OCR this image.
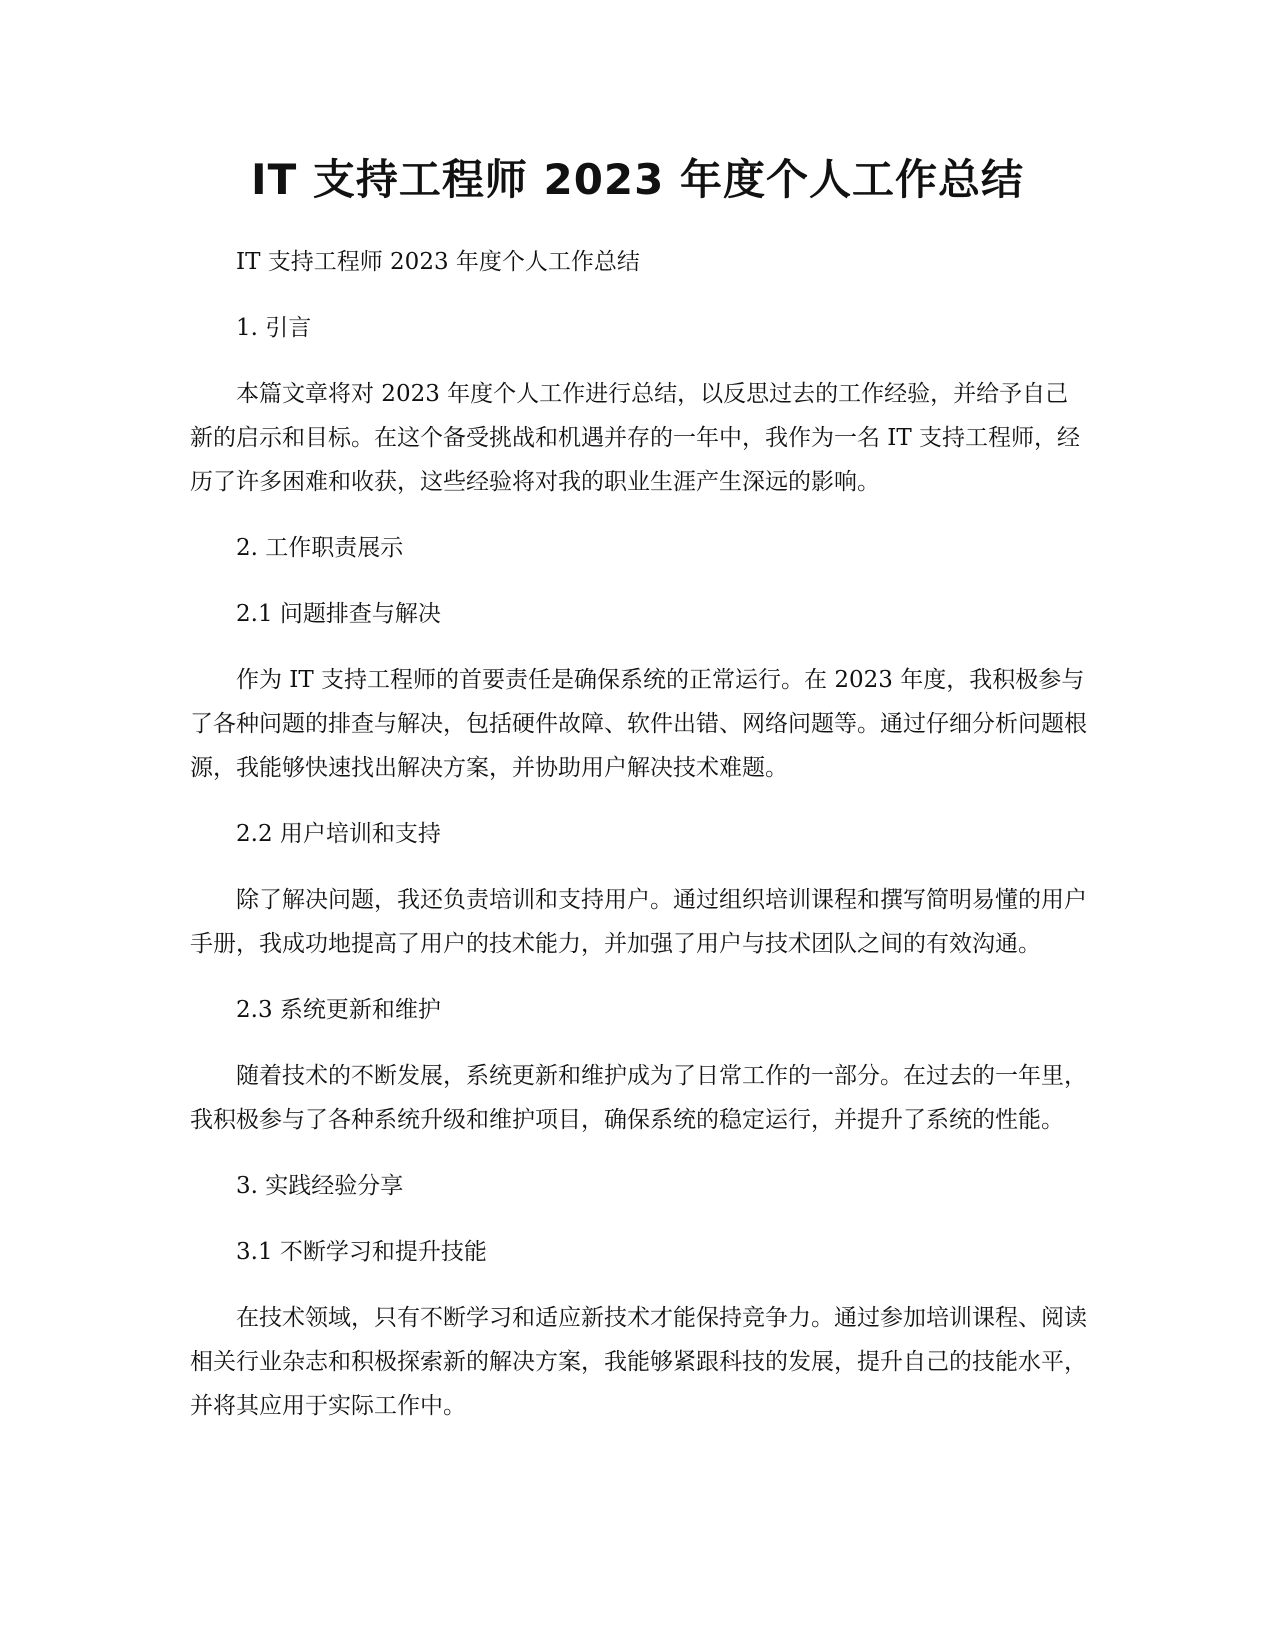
IT 支持工程师 2023 年度个人工作总结

IT 支持工程师 2023 年度个人工作总结

1. 引言

本篇文章将对 2023 年度个人工作进行总结，以反思过去的工作经验，并给予自己新的启示和目标。在这个备受挑战和机遇并存的一年中，我作为一名 IT 支持工程师，经历了许多困难和收获，这些经验将对我的职业生涯产生深远的影响。

2. 工作职责展示

2.1 问题排查与解决

作为 IT 支持工程师的首要责任是确保系统的正常运行。在 2023 年度，我积极参与了各种问题的排查与解决，包括硬件故障、软件出错、网络问题等。通过仔细分析问题根源，我能够快速找出解决方案，并协助用户解决技术难题。

2.2 用户培训和支持

除了解决问题，我还负责培训和支持用户。通过组织培训课程和撰写简明易懂的用户手册，我成功地提高了用户的技术能力，并加强了用户与技术团队之间的有效沟通。

2.3 系统更新和维护

随着技术的不断发展，系统更新和维护成为了日常工作的一部分。在过去的一年里，我积极参与了各种系统升级和维护项目，确保系统的稳定运行，并提升了系统的性能。

3. 实践经验分享

3.1 不断学习和提升技能

在技术领域，只有不断学习和适应新技术才能保持竞争力。通过参加培训课程、阅读相关行业杂志和积极探索新的解决方案，我能够紧跟科技的发展，提升自己的技能水平，并将其应用于实际工作中。
